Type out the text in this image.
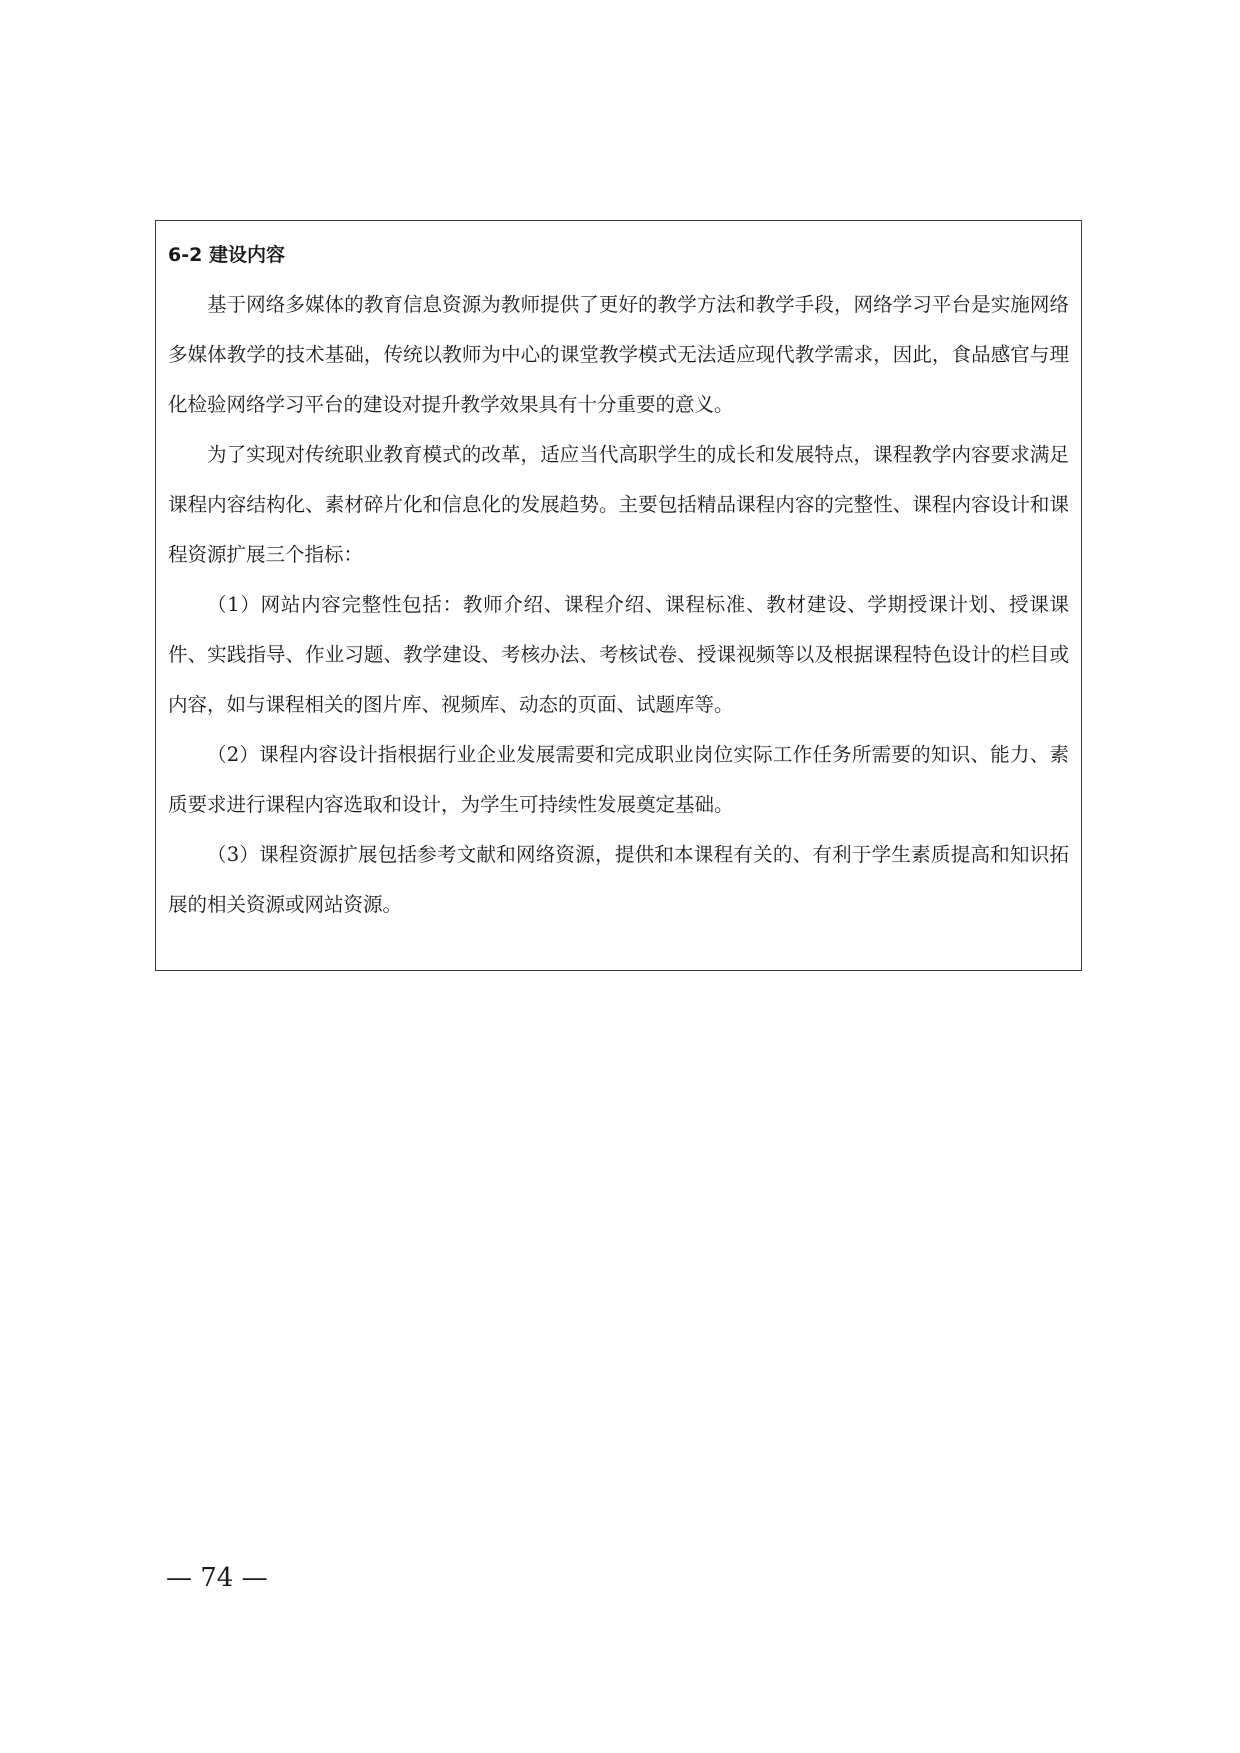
6-2 建设内容

基于网络多媒体的教育信息资源为教师提供了更好的教学方法和教学手段，网络学习平台是实施网络多媒体教学的技术基础，传统以教师为中心的课堂教学模式无法适应现代教学需求，因此，食品感官与理化检验网络学习平台的建设对提升教学效果具有十分重要的意义。

为了实现对传统职业教育模式的改革，适应当代高职学生的成长和发展特点，课程教学内容要求满足课程内容结构化、素材碎片化和信息化的发展趋势。主要包括精品课程内容的完整性、课程内容设计和课程资源扩展三个指标：

（1）网站内容完整性包括：教师介绍、课程介绍、课程标准、教材建设、学期授课计划、授课课件、实践指导、作业习题、教学建设、考核办法、考核试卷、授课视频等以及根据课程特色设计的栏目或内容，如与课程相关的图片库、视频库、动态的页面、试题库等。

（2）课程内容设计指根据行业企业发展需要和完成职业岗位实际工作任务所需要的知识、能力、素质要求进行课程内容选取和设计，为学生可持续性发展奠定基础。

（3）课程资源扩展包括参考文献和网络资源，提供和本课程有关的、有利于学生素质提高和知识拓展的相关资源或网站资源。

— 74 —
